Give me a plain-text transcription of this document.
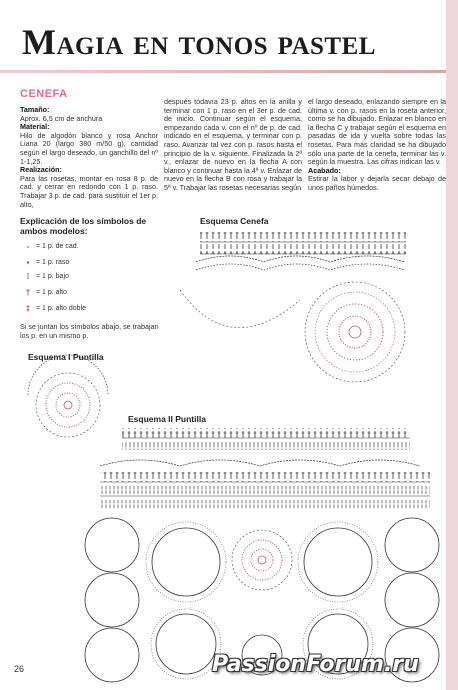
Magia en tonos pastel
CENEFA
Tamaño:
Aprox. 6,5 cm de anchura
Material:
Hilo de algodón blanco y rosa Anchor Liana 20 (largo 380 m/50 g), cantidad según el largo deseado, un ganchillo del nº 1-1,25.
Realización:
Para las rosetas, montar en rosa 8 p. de cad. y cerrar en redondo con 1 p. raso. Trabajar 3 p. de cad. para sustituir el 1er p. alto,
después todavía 23 p. altos en la anilla y terminar con 1 p. raso en el 3er p. de cad. de inicio. Continuar según el esquema, empezando cada v. con el nº de p. de cad. indicado en el esquema, y terminar con p. raso. Avanzar tal vez con p. rasos hasta el principio de la v. siguiente. Finalizada la 2ª v., enlazar de nuevo en la flecha A con blanco y continuar hasta la 4ª v. Enlazar de nuevo en la flecha B con rosa y trabajar la 5ª v. Trabajar las rosetas necesarias según
el largo deseado, enlazando siempre en la última v. con p. rasos en la roseta anterior, como se ha dibujado. Enlazar en blanco en la flecha C y trabajar según el esquema en pasadas de ida y vuelta sobre todas las rosetas. Para más claridad se ha dibujado sólo una parte de la cenefa, terminar las v. según la muestra. Las cifras indican las v.
Acabado:
Estirar la labor y dejarla secar debajo de unos paños húmedos.
Explicación de los símbolos de ambos modelos:
- = 1 p. de cad.
▪ = 1 p. raso
⁞ = 1 p. bajo
† = 1 p. alto
‡ = 1 p. alto doble
Si se juntan los símbolos abajo, se trabajan los p. en un mismo p.
Esquema Cenefa
Esquema I Puntilla
Esquema II Puntilla
26	PassionForum.ru
